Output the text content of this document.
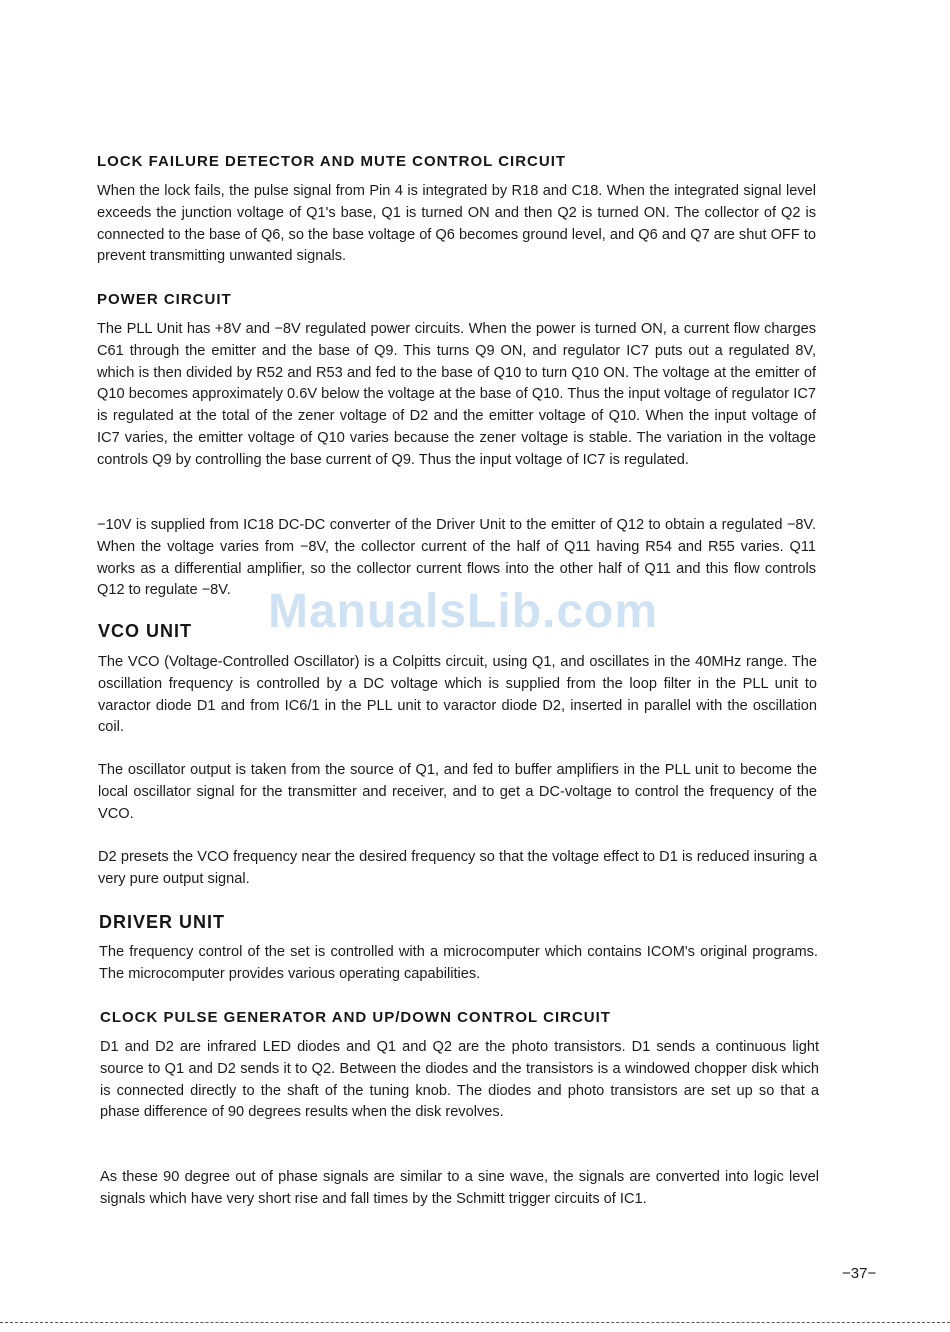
LOCK FAILURE DETECTOR AND MUTE CONTROL CIRCUIT

When the lock fails, the pulse signal from Pin 4 is integrated by R18 and C18. When the integrated signal level exceeds the junction voltage of Q1's base, Q1 is turned ON and then Q2 is turned ON. The collector of Q2 is connected to the base of Q6, so the base voltage of Q6 becomes ground level, and Q6 and Q7 are shut OFF to prevent transmitting unwanted signals.

POWER CIRCUIT

The PLL Unit has +8V and −8V regulated power circuits. When the power is turned ON, a current flow charges C61 through the emitter and the base of Q9. This turns Q9 ON, and regulator IC7 puts out a regulated 8V, which is then divided by R52 and R53 and fed to the base of Q10 to turn Q10 ON. The voltage at the emitter of Q10 becomes approximately 0.6V below the voltage at the base of Q10. Thus the input voltage of regulator IC7 is regulated at the total of the zener voltage of D2 and the emitter voltage of Q10. When the input voltage of IC7 varies, the emitter voltage of Q10 varies because the zener voltage is stable. The variation in the voltage controls Q9 by controlling the base current of Q9. Thus the input voltage of IC7 is regulated.

−10V is supplied from IC18 DC-DC converter of the Driver Unit to the emitter of Q12 to obtain a regulated −8V. When the voltage varies from −8V, the collector current of the half of Q11 having R54 and R55 varies. Q11 works as a differential amplifier, so the collector current flows into the other half of Q11 and this flow controls Q12 to regulate −8V.

VCO UNIT

The VCO (Voltage-Controlled Oscillator) is a Colpitts circuit, using Q1, and oscillates in the 40MHz range. The oscillation frequency is controlled by a DC voltage which is supplied from the loop filter in the PLL unit to varactor diode D1 and from IC6/1 in the PLL unit to varactor diode D2, inserted in parallel with the oscillation coil.

The oscillator output is taken from the source of Q1, and fed to buffer amplifiers in the PLL unit to become the local oscillator signal for the transmitter and receiver, and to get a DC-voltage to control the frequency of the VCO.

D2 presets the VCO frequency near the desired frequency so that the voltage effect to D1 is reduced insuring a very pure output signal.

DRIVER UNIT

The frequency control of the set is controlled with a microcomputer which contains ICOM's original programs. The microcomputer provides various operating capabilities.

CLOCK PULSE GENERATOR AND UP/DOWN CONTROL CIRCUIT

D1 and D2 are infrared LED diodes and Q1 and Q2 are the photo transistors. D1 sends a continuous light source to Q1 and D2 sends it to Q2. Between the diodes and the transistors is a windowed chopper disk which is connected directly to the shaft of the tuning knob. The diodes and photo transistors are set up so that a phase difference of 90 degrees results when the disk revolves.

As these 90 degree out of phase signals are similar to a sine wave, the signals are converted into logic level signals which have very short rise and fall times by the Schmitt trigger circuits of IC1.

ManualsLib.com
−37−
